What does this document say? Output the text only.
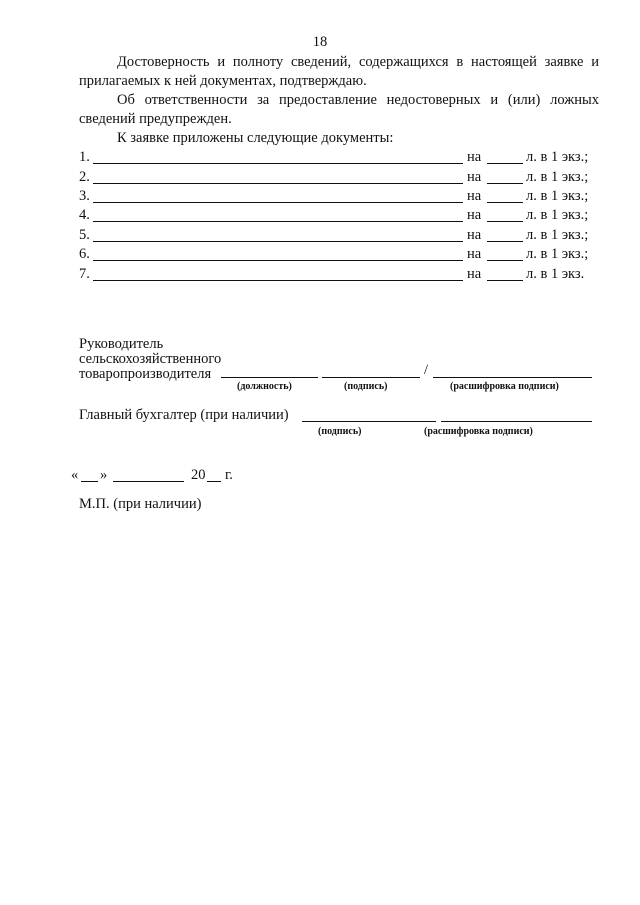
18

Достоверность и полноту сведений, содержащихся в настоящей заявке и прилагаемых к ней документах, подтверждаю.

Об ответственности за предоставление недостоверных и (или) ложных сведений предупрежден.

К заявке приложены следующие документы:

1.	на	л. в 1 экз.;
2.	на	л. в 1 экз.;
3.	на	л. в 1 экз.;
4.	на	л. в 1 экз.;
5.	на	л. в 1 экз.;
6.	на	л. в 1 экз.;
7.	на	л. в 1 экз.
Руководитель
сельскохозяйственного
товаропроизводителя	/
(должность)	(подпись)	(расшифровка подписи)
Главный бухгалтер (при наличии)
(подпись)	(расшифровка подписи)
« »	20 г.
М.П. (при наличии)
